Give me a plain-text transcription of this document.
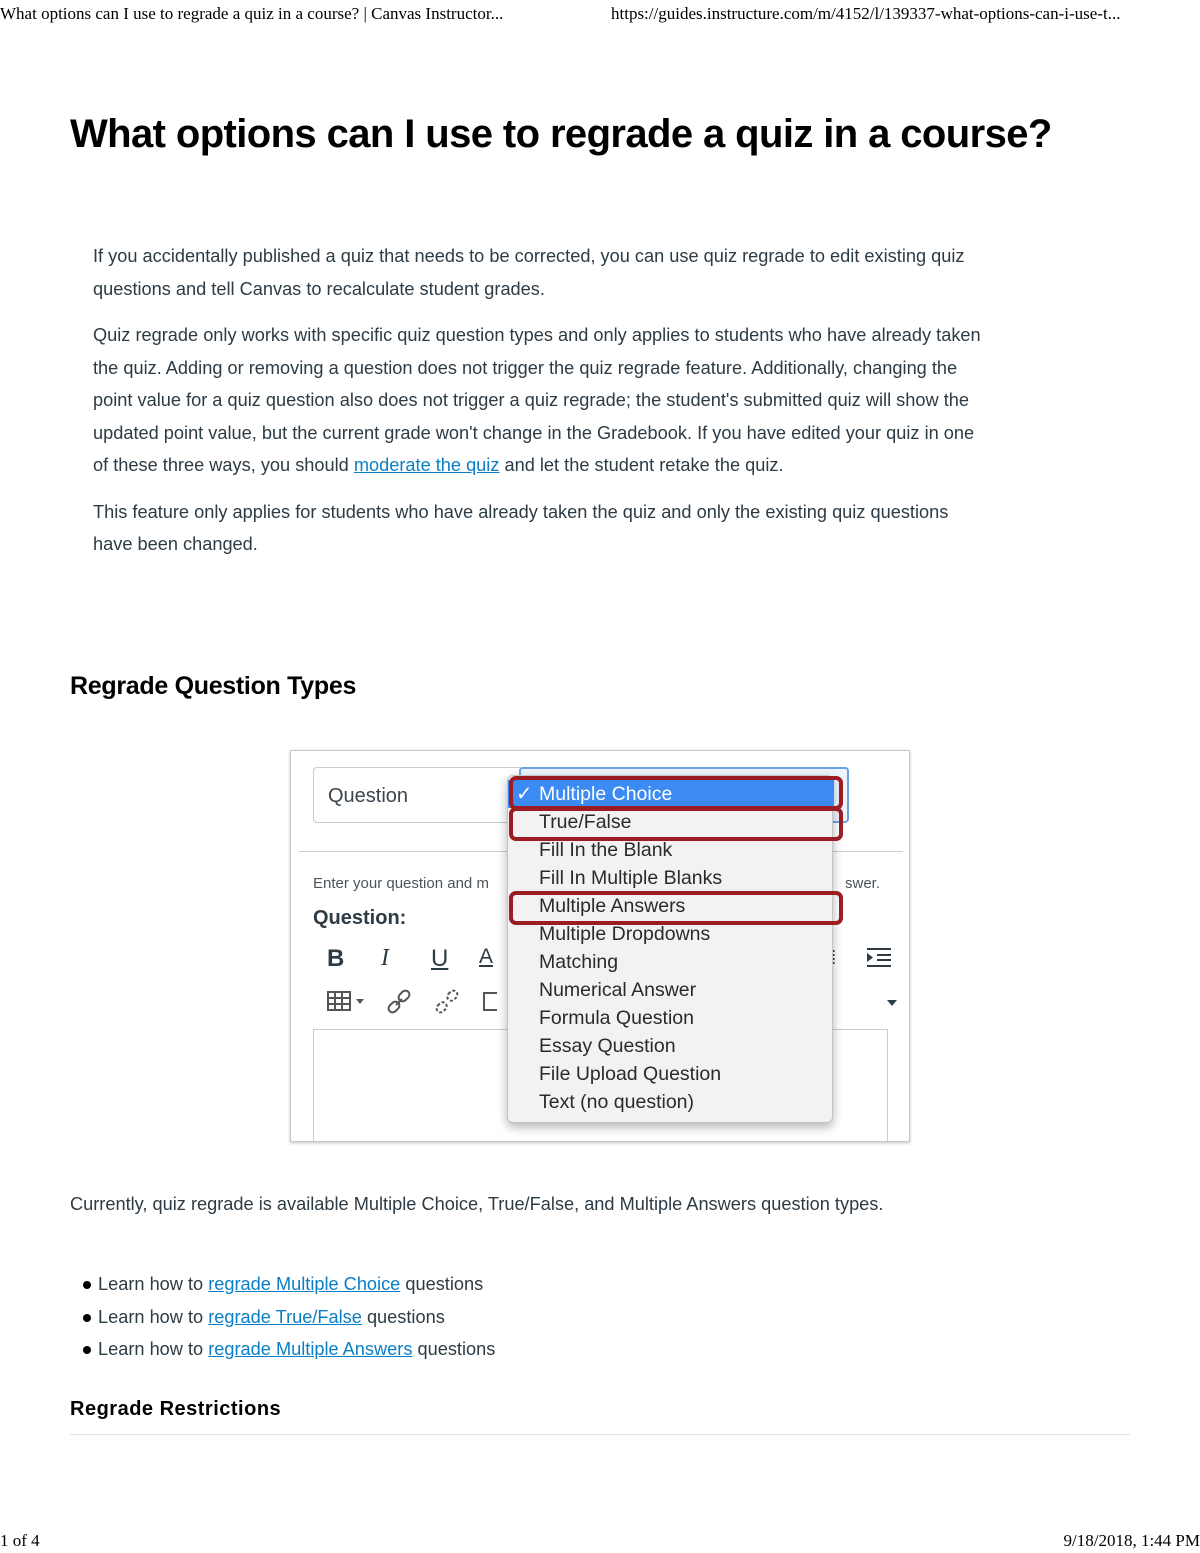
What options can I use to regrade a quiz in a course? | Canvas Instructor...	https://guides.instructure.com/m/4152/l/139337-what-options-can-i-use-t...
What options can I use to regrade a quiz in a course?

If you accidentally published a quiz that needs to be corrected, you can use quiz regrade to edit existing quiz questions and tell Canvas to recalculate student grades.

Quiz regrade only works with specific quiz question types and only applies to students who have already taken the quiz. Adding or removing a question does not trigger the quiz regrade feature. Additionally, changing the point value for a quiz question also does not trigger a quiz regrade; the student's submitted quiz will show the updated point value, but the current grade won't change in the Gradebook. If you have edited your quiz in one of these three ways, you should moderate the quiz and let the student retake the quiz.

This feature only applies for students who have already taken the quiz and only the existing quiz questions have been changed.

Regrade Question Types
Question
Enter your question and m	swer.
Question:
B I U A
✓ Multiple Choice
True/False
Fill In the Blank
Fill In Multiple Blanks
Multiple Answers
Multiple Dropdowns
Matching
Numerical Answer
Formula Question
Essay Question
File Upload Question
Text (no question)
Currently, quiz regrade is available Multiple Choice, True/False, and Multiple Answers question types.
Learn how to regrade Multiple Choice questions
Learn how to regrade True/False questions
Learn how to regrade Multiple Answers questions
Regrade Restrictions
1 of 4	9/18/2018, 1:44 PM
